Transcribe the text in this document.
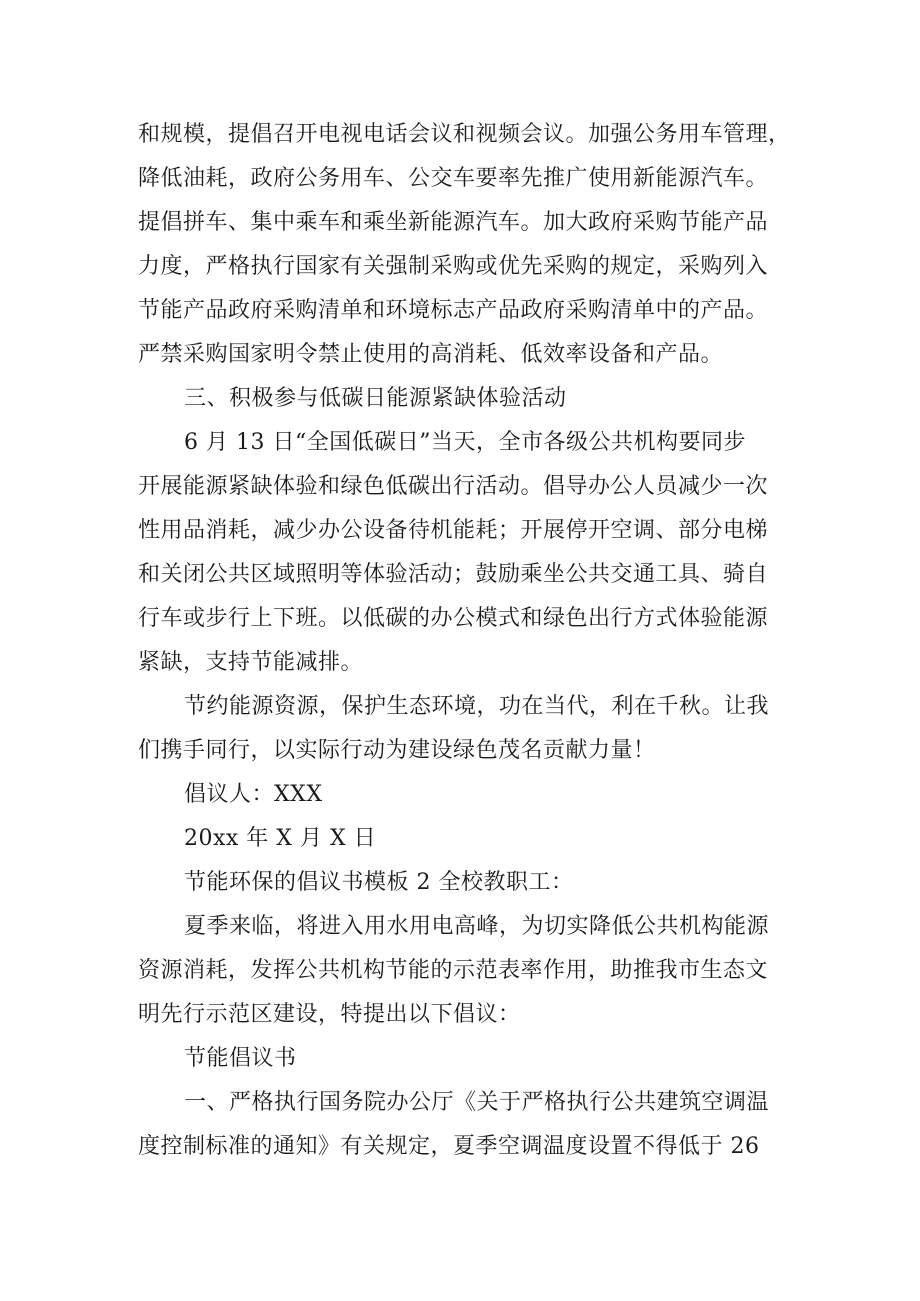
和规模，提倡召开电视电话会议和视频会议。加强公务用车管理，
降低油耗，政府公务用车、公交车要率先推广使用新能源汽车。
提倡拼车、集中乘车和乘坐新能源汽车。加大政府采购节能产品
力度，严格执行国家有关强制采购或优先采购的规定，采购列入
节能产品政府采购清单和环境标志产品政府采购清单中的产品。
严禁采购国家明令禁止使用的高消耗、低效率设备和产品。
三、积极参与低碳日能源紧缺体验活动
6 月 13 日“全国低碳日”当天，全市各级公共机构要同步
开展能源紧缺体验和绿色低碳出行活动。倡导办公人员减少一次
性用品消耗，减少办公设备待机能耗；开展停开空调、部分电梯
和关闭公共区域照明等体验活动；鼓励乘坐公共交通工具、骑自
行车或步行上下班。以低碳的办公模式和绿色出行方式体验能源
紧缺，支持节能减排。
节约能源资源，保护生态环境，功在当代，利在千秋。让我
们携手同行，以实际行动为建设绿色茂名贡献力量！
倡议人：XXX
20xx 年 X 月 X 日
节能环保的倡议书模板 2 全校教职工：
夏季来临，将进入用水用电高峰，为切实降低公共机构能源
资源消耗，发挥公共机构节能的示范表率作用，助推我市生态文
明先行示范区建设，特提出以下倡议：
节能倡议书
一、严格执行国务院办公厅《关于严格执行公共建筑空调温
度控制标准的通知》有关规定，夏季空调温度设置不得低于 26
